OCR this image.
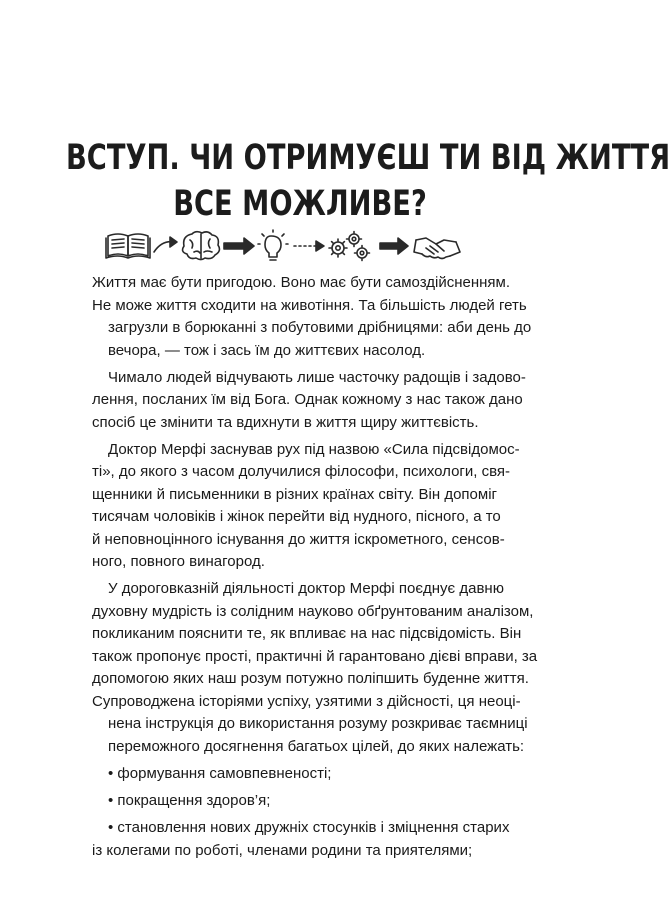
ВСТУП. ЧИ ОТРИМУЄШ ТИ ВІД ЖИТТЯ
ВСЕ МОЖЛИВЕ?
Життя має бути пригодою. Воно має бути самоздійсненням.
Не може життя сходити на животіння. Та більшість людей геть
загрузли в борюканні з побутовими дрібницями: аби день до
вечора, — тож і зась їм до життєвих насолод.
Чимало людей відчувають лише часточку радощів і задово-
лення, посланих їм від Бога. Однак кожному з нас також дано
спосіб це змінити та вдихнути в життя щиру життєвість.
Доктор Мерфі заснував рух під назвою «Сила підсвідомос-
ті», до якого з часом долучилися філософи, психологи, свя-
щенники й письменники в різних країнах світу. Він допоміг
тисячам чоловіків і жінок перейти від нудного, пісного, а то
й неповноцінного існування до життя іскрометного, сенсов-
ного, повного винагород.
У дороговказній діяльності доктор Мерфі поєднує давню
духовну мудрість із солідним науково обґрунтованим аналізом,
покликаним пояснити те, як впливає на нас підсвідомість. Він
також пропонує прості, практичні й гарантовано дієві вправи, за
допомогою яких наш розум потужно поліпшить буденне життя.
Супроводжена історіями успіху, узятими з дійсності, ця неоці-
нена інструкція до використання розуму розкриває таємниці
переможного досягнення багатьох цілей, до яких належать:
• формування самовпевненості;
• покращення здоров’я;
• становлення нових дружніх стосунків і зміцнення старих
із колегами по роботі, членами родини та приятелями;
